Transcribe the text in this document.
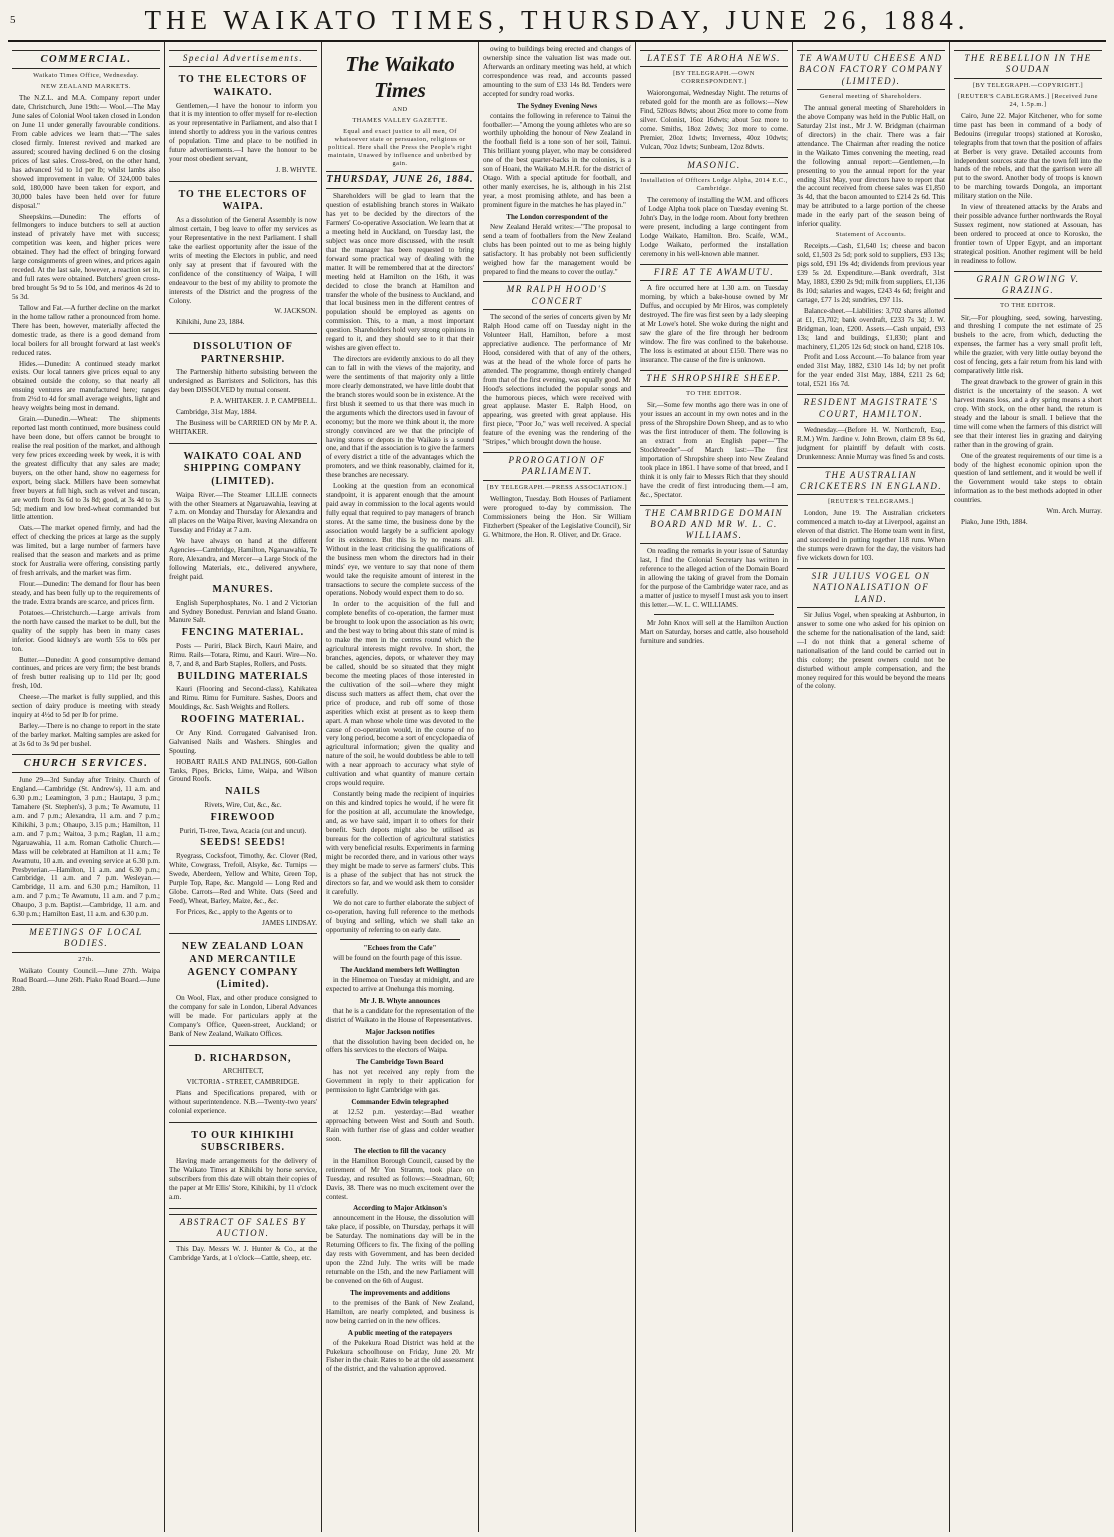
5	THE WAIKATO TIMES, THURSDAY, JUNE 26, 1884.
COMMERCIAL.
Waikato Times Office, Wednesday.
NEW ZEALAND MARKETS.

The N.Z.L. and M.A. Company report under date, Christchurch, June 19th:— Wool.—The May June sales of Colonial Wool taken closed in London on June 11 under generally favourable conditions. From cable advices we learn that:—"The sales closed firmly. Interest revived and marked are assured; scoured having declined 6 on the closing prices of last sales. Cross-bred, on the other hand, has advanced ½d to 1d per lb; whilst lambs also showed improvement in value. Of 324,000 bales sold, 180,000 have been taken for export, and 30,000 bales have been held over for future disposal."

Sheepskins.—Dunedin: The efforts of fellmongers to induce butchers to sell at auction instead of privately have met with success; competition was keen, and higher prices were obtained. They had the effect of bringing forward large consignments of green wines, and prices again receded. At the last sale, however, a reaction set in, and full rates were obtained. Butchers' green cross-bred brought 5s 9d to 5s 10d, and merinos 4s 2d to 5s 3d.

Tallow and Fat.—A further decline on the market in the home tallow rather a pronounced from home. There has been, however, materially affected the domestic trade, as there is a good demand from local boilers for all brought forward at last week's reduced rates.

Hides.—Dunedin: A continued steady market exists. Our local tanners give prices equal to any obtained outside the colony, so that nearly all ensuing ventures are manufactured here; ranges from 2½d to 4d for small average weights, light and heavy weights being most in demand.

Grain.—Dunedin.—Wheat: The shipments reported last month continued, more business could have been done, but offers cannot be brought to realise the real position of the market, and although very few prices exceeding week by week, it is with the greatest difficulty that any sales are made; buyers, on the other hand, show no eagerness for export, being slack. Millers have been somewhat freer buyers at full high, such as velvet and tuscan, are worth from 3s 6d to 3s 8d; good, at 3s 4d to 3s 5d; medium and low bred-wheat commanded but little attention.

Oats.—The market opened firmly, and had the effect of checking the prices at large as the supply was limited, but a large number of farmers have realised that the season and markets and as prime stock for Australia were offering, consisting partly of fresh arrivals, and the market was firm.

Flour.—Dunedin: The demand for flour has been steady, and has been fully up to the requirements of the trade. Extra brands are scarce, and prices firm.

Potatoes.—Christchurch.—Large arrivals from the north have caused the market to be dull, but the quality of the supply has been in many cases inferior. Good kidney's are worth 55s to 60s per ton.

Butter.—Dunedin: A good consumptive demand continues, and prices are very firm; the best brands of fresh butter realising up to 11d per lb; good fresh, 10d.

Cheese.—The market is fully supplied, and this section of dairy produce is meeting with steady inquiry at 4½d to 5d per lb for prime.

Barley.—There is no change to report in the state of the barley market. Malting samples are asked for at 3s 6d to 3s 9d per bushel.

CHURCH SERVICES.

June 29—3rd Sunday after Trinity. Church of England.—Cambridge (St. Andrew's), 11 a.m. and 6.30 p.m.; Leamington, 3 p.m.; Hautapu, 3 p.m.; Tamahere (St. Stephen's), 3 p.m.; Te Awamutu, 11 a.m. and 7 p.m.; Alexandra, 11 a.m. and 7 p.m.; Kihikihi, 3 p.m.; Ohaupo, 3.15 p.m.; Hamilton, 11 a.m. and 7 p.m.; Waitoa, 3 p.m.; Raglan, 11 a.m.; Ngaruawahia, 11 a.m. Roman Catholic Church.—Mass will be celebrated at Hamilton at 11 a.m.; Te Awamutu, 10 a.m. and evening service at 6.30 p.m. Presbyterian.—Hamilton, 11 a.m. and 6.30 p.m.; Cambridge, 11 a.m. and 7 p.m. Wesleyan.—Cambridge, 11 a.m. and 6.30 p.m.; Hamilton, 11 a.m. and 7 p.m.; Te Awamutu, 11 a.m. and 7 p.m.; Ohaupo, 3 p.m. Baptist.—Cambridge, 11 a.m. and 6.30 p.m.; Hamilton East, 11 a.m. and 6.30 p.m.

MEETINGS OF LOCAL BODIES.
27th.

Waikato County Council.—June 27th. Waipa Road Board.—June 26th. Piako Road Board.—June 28th.

Special Advertisements.

TO THE ELECTORS OF WAIKATO.

Gentlemen,—I have the honour to inform you that it is my intention to offer myself for re-election as your representative in Parliament, and also that I intend shortly to address you in the various centres of population. Time and place to be notified in future advertisements.—I have the honour to be your most obedient servant,

J. B. WHYTE.

TO THE ELECTORS OF WAIPA.

As a dissolution of the General Assembly is now almost certain, I beg leave to offer my services as your Representative in the next Parliament. I shall take the earliest opportunity after the issue of the writs of meeting the Electors in public, and need only say at present that if favoured with the confidence of the constituency of Waipa, I will endeavour to the best of my ability to promote the interests of the District and the progress of the Colony.

W. JACKSON.

Kihikihi, June 23, 1884.

DISSOLUTION OF PARTNERSHIP.

The Partnership hitherto subsisting between the undersigned as Barristers and Solicitors, has this day been DISSOLVED by mutual consent.

P. A. WHITAKER. J. P. CAMPBELL.

Cambridge, 31st May, 1884.

The Business will be CARRIED ON by Mr P. A. WHITAKER.

WAIKATO COAL AND SHIPPING COMPANY (LIMITED).

Waipa River.—The Steamer LILLIE connects with the other Steamers at Ngaruawahia, leaving at 7 a.m. on Monday and Thursday for Alexandra and all places on the Waipa River, leaving Alexandra on Tuesday and Friday at 7 a.m.

We have always on hand at the different Agencies—Cambridge, Hamilton, Ngaruawahia, Te Rore, Alexandra, and Mercer—a Large Stock of the following Materials, etc., delivered anywhere, freight paid.

MANURES.

English Superphosphates, No. 1 and 2 Victorian and Sydney Bonedust. Peruvian and Island Guano. Manure Salt.

FENCING MATERIAL.

Posts — Puriri, Black Birch, Kauri Maire, and Rimu. Rails—Totara, Rimu, and Kauri. Wire—No. 8, 7, and 8, and Barb Staples, Rollers, and Posts.

BUILDING MATERIALS

Kauri (Flooring and Second-class), Kahikatea and Rimu. Rimu for Furniture. Sashes, Doors and Mouldings, &c. Sash Weights and Rollers.

ROOFING MATERIAL.

Or Any Kind. Corrugated Galvanised Iron. Galvanised Nails and Washers. Shingles and Spouting.

HOBART RAILS AND PALINGS, 600-Gallon Tanks, Pipes, Bricks, Lime, Waipa, and Wilson Ground Roofs.

NAILS

Rivets, Wire, Cut, &c., &c.

FIREWOOD

Puriri, Ti-tree, Tawa, Acacia (cut and uncut).

SEEDS! SEEDS!

Ryegrass, Cocksfoot, Timothy, &c. Clover (Red, White, Cowgrass, Trefoil, Alsyke, &c. Turnips — Swede, Aberdeen, Yellow and White, Green Top, Purple Top, Rape, &c. Mangold — Long Red and Globe. Carrots—Red and White. Oats (Seed and Feed), Wheat, Barley, Maize, &c., &c.

For Prices, &c., apply to the Agents or to

JAMES LINDSAY.

NEW ZEALAND LOAN AND MERCANTILE AGENCY COMPANY (Limited).

On Wool, Flax, and other produce consigned to the company for sale in London, Liberal Advances will be made. For particulars apply at the Company's Office, Queen-street, Auckland; or Bank of New Zealand, Waikato Offices.

D. RICHARDSON,

ARCHITECT,

VICTORIA - STREET, CAMBRIDGE.

Plans and Specifications prepared, with or without superintendence. N.B.—Twenty-two years' colonial experience.

TO OUR KIHIKIHI SUBSCRIBERS.

Having made arrangements for the delivery of The Waikato Times at Kihikihi by horse service, subscribers from this date will obtain their copies of the paper at Mr Ellis' Store, Kihikihi, by 11 o'clock a.m.

ABSTRACT OF SALES BY AUCTION.

This Day. Messrs W. J. Hunter & Co., at the Cambridge Yards, at 1 o'clock—Cattle, sheep, etc.

The Waikato Times
AND
THAMES VALLEY GAZETTE.
Equal and exact justice to all men, Of whatsoever state or persuasion, religious or political. Here shall the Press the People's right maintain, Unawed by influence and unbribed by gain.
THURSDAY, JUNE 26, 1884.

Shareholders will be glad to learn that the question of establishing branch stores in Waikato has yet to be decided by the directors of the Farmers' Co-operative Association. We learn that at a meeting held in Auckland, on Tuesday last, the subject was once more discussed, with the result that the manager has been requested to bring forward some practical way of dealing with the matter. It will be remembered that at the directors' meeting held at Hamilton on the 16th, it was decided to close the branch at Hamilton and transfer the whole of the business to Auckland, and that local business men in the different centres of population should be employed as agents on commission. This, to a man, a most important question. Shareholders hold very strong opinions in regard to it, and they should see to it that their wishes are given effect to.

The directors are evidently anxious to do all they can to fall in with the views of the majority, and were the sentiments of that majority only a little more clearly demonstrated, we have little doubt that the branch stores would soon be in existence. At the first blush it seemed to us that there was much in the arguments which the directors used in favour of economy; but the more we think about it, the more strongly convinced are we that the principle of having stores or depots in the Waikato is a sound one, and that if the association is to give the farmers of every district a title of the advantages which the promoters, and we think reasonably, claimed for it, these branches are necessary.

Looking at the question from an economical standpoint, it is apparent enough that the amount paid away in commission to the local agents would fully equal that required to pay managers of branch stores. At the same time, the business done by the association would largely be a sufficient apology for its existence. But this is by no means all. Without in the least criticising the qualifications of the business men whom the directors had in their minds' eye, we venture to say that none of them would take the requisite amount of interest in the transactions to secure the complete success of the operations. Nobody would expect them to do so.

In order to the acquisition of the full and complete benefits of co-operation, the farmer must be brought to look upon the association as his own; and the best way to bring about this state of mind is to make the men in the centres round which the agricultural interests might revolve. In short, the branches, agencies, depots, or whatever they may be called, should be so situated that they might become the meeting places of those interested in the cultivation of the soil—where they might discuss such matters as affect them, chat over the price of produce, and rub off some of those asperities which exist at present as to keep them apart. A man whose whole time was devoted to the cause of co-operation would, in the course of no very long period, become a sort of encyclopaedia of agricultural information; given the quality and nature of the soil, he would doubtless be able to tell with a near approach to accuracy what style of cultivation and what quantity of manure certain crops would require.

Constantly being made the recipient of inquiries on this and kindred topics he would, if he were fit for the position at all, accumulate the knowledge, and, as we have said, impart it to others for their benefit. Such depots might also be utilised as bureaus for the collection of agricultural statistics with very beneficial results. Experiments in farming might be recorded there, and in various other ways they might be made to serve as farmers' clubs. This is a phase of the subject that has not struck the directors so far, and we would ask them to consider it carefully.

We do not care to further elaborate the subject of co-operation, having full reference to the methods of buying and selling, which we shall take an opportunity of referring to on early date.

"Echoes from the Cafe"

will be found on the fourth page of this issue.

The Auckland members left Wellington

in the Hinemoa on Tuesday at midnight, and are expected to arrive at Onehunga this morning.

Mr J. B. Whyte announces

that he is a candidate for the representation of the district of Waikato in the House of Representatives.

Major Jackson notifies

that the dissolution having been decided on, he offers his services to the electors of Waipa.

The Cambridge Town Board

has not yet received any reply from the Government in reply to their application for permission to light Cambridge with gas.

Commander Edwin telegraphed

at 12.52 p.m. yesterday:—Bad weather approaching between West and South and South. Rain with further rise of glass and colder weather soon.

The election to fill the vacancy

in the Hamilton Borough Council, caused by the retirement of Mr Yon Stramm, took place on Tuesday, and resulted as follows:—Steadman, 60; Davis, 38. There was no much excitement over the contest.

According to Major Atkinson's

announcement in the House, the dissolution will take place, if possible, on Thursday, perhaps it will be Saturday. The nominations day will be in the Returning Officers to fix. The fixing of the polling day rests with Government, and has been decided upon the 22nd July. The writs will be made returnable on the 15th, and the new Parliament will be convened on the 6th of August.

The improvements and additions

to the premises of the Bank of New Zealand, Hamilton, are nearly completed, and business is now being carried on in the new offices.

A public meeting of the ratepayers

of the Pukekura Road District was held at the Pukekura schoolhouse on Friday, June 20. Mr Fisher in the chair. Rates to be at the old assessment of the district, and the valuation approved.

owing to buildings being erected and changes of ownership since the valuation list was made out. Afterwards an ordinary meeting was held, at which correspondence was read, and accounts passed amounting to the sum of £33 14s 8d. Tenders were accepted for sundry road works.

The Sydney Evening News

contains the following in reference to Tainui the footballer:—"Among the young athletes who are so worthily upholding the honour of New Zealand in the football field is a tone son of her soil, Tainui. This brilliant young player, who may be considered one of the best quarter-backs in the colonies, is a son of Hoani, the Waikato M.H.R. for the district of Otago. With a special aptitude for football, and other manly exercises, he is, although in his 21st year, a most promising athlete, and has been a prominent figure in the matches he has played in."

The London correspondent of the

New Zealand Herald writes:—"The proposal to send a team of footballers from the New Zealand clubs has been pointed out to me as being highly satisfactory. It has probably not been sufficiently weighed how far the management would be prepared to find the means to cover the outlay."

MR RALPH HOOD'S CONCERT

The second of the series of concerts given by Mr Ralph Hood came off on Tuesday night in the Volunteer Hall, Hamilton, before a most appreciative audience. The performance of Mr Hood, considered with that of any of the others, was at the head of the whole force of parts he attended. The programme, though entirely changed from that of the first evening, was equally good. Mr Hood's selections included the popular songs and the humorous pieces, which were received with great applause. Master E. Ralph Hood, on appearing, was greeted with great applause. His first piece, "Poor Jo," was well received. A special feature of the evening was the rendering of the "Stripes," which brought down the house.

PROROGATION OF PARLIAMENT.
[BY TELEGRAPH.—PRESS ASSOCIATION.]

Wellington, Tuesday. Both Houses of Parliament were prorogued to-day by commission. The Commissioners being the Hon. Sir William Fitzherbert (Speaker of the Legislative Council), Sir G. Whitmore, the Hon. R. Oliver, and Dr. Grace.

LATEST TE AROHA NEWS.
[BY TELEGRAPH.—OWN CORRESPONDENT.]

Waiorongomai, Wednesday Night. The returns of rebated gold for the month are as follows:—New Find, 520ozs 8dwts; about 26oz more to come from silver. Colonist, 16oz 16dwts; about 5oz more to come. Smiths, 18oz 2dwts; 3oz more to come. Premier, 20oz 1dwts; Inverness, 40oz 10dwts; Vulcan, 70oz 1dwts; Sunbeam, 12oz 8dwts.

MASONIC.
Installation of Officers Lodge Alpha, 2014 E.C., Cambridge.

The ceremony of installing the W.M. and officers of Lodge Alpha took place on Tuesday evening St. John's Day, in the lodge room. About forty brethren were present, including a large contingent from Lodge Waikato, Hamilton. Bro. Scaife, W.M., Lodge Waikato, performed the installation ceremony in his well-known able manner.

FIRE AT TE AWAMUTU.

A fire occurred here at 1.30 a.m. on Tuesday morning, by which a bake-house owned by Mr Duffus, and occupied by Mr Hiros, was completely destroyed. The fire was first seen by a lady sleeping at Mr Lowe's hotel. She woke during the night and saw the glare of the fire through her bedroom window. The fire was confined to the bakehouse. The loss is estimated at about £150. There was no insurance. The cause of the fire is unknown.

THE SHROPSHIRE SHEEP.
TO THE EDITOR.

Sir,—Some few months ago there was in one of your issues an account in my own notes and in the press of the Shropshire Down Sheep, and as to who was the first introducer of them. The following is an extract from an English paper—"The Stockbreeder"—of March last:—The first importation of Shropshire sheep into New Zealand took place in 1861. I have some of that breed, and I think it is only fair to Messrs Rich that they should have the credit of first introducing them.—I am, &c., Spectator.

THE CAMBRIDGE DOMAIN BOARD AND MR W. L. C. WILLIAMS.

On reading the remarks in your issue of Saturday last, I find the Colonial Secretary has written in reference to the alleged action of the Domain Board in allowing the taking of gravel from the Domain for the purpose of the Cambridge water race, and as a matter of justice to myself I must ask you to insert this letter.—W. L. C. WILLIAMS.

Mr John Knox will sell at the Hamilton Auction Mart on Saturday, horses and cattle, also household furniture and sundries.

TE AWAMUTU CHEESE AND BACON FACTORY COMPANY (LIMITED).
General meeting of Shareholders.

The annual general meeting of Shareholders in the above Company was held in the Public Hall, on Saturday 21st inst., Mr J. W. Bridgman (chairman of directors) in the chair. There was a fair attendance. The Chairman after reading the notice in the Waikato Times convening the meeting, read the following annual report:—Gentlemen,—In presenting to you the annual report for the year ending 31st May, your directors have to report that the account received from cheese sales was £1,850 3s 4d, that the bacon amounted to £214 2s 6d. This may be attributed to a large portion of the cheese made in the early part of the season being of inferior quality.

Statement of Accounts.

Receipts.—Cash, £1,640 1s; cheese and bacon sold, £1,503 2s 5d; pork sold to suppliers, £93 13s; pigs sold, £91 19s 4d; dividends from previous year £39 5s 2d. Expenditure.—Bank overdraft, 31st May, 1883, £390 2s 9d; milk from suppliers, £1,136 8s 10d; salaries and wages, £243 4s 6d; freight and cartage, £77 1s 2d; sundries, £97 11s.

Balance-sheet.—Liabilities: 3,702 shares allotted at £1, £3,702; bank overdraft, £233 7s 3d; J. W. Bridgman, loan, £200. Assets.—Cash unpaid, £93 13s; land and buildings, £1,830; plant and machinery, £1,205 12s 6d; stock on hand, £218 10s.

Profit and Loss Account.—To balance from year ended 31st May, 1882, £310 14s 1d; by net profit for the year ended 31st May, 1884, £211 2s 6d; total, £521 16s 7d.

RESIDENT MAGISTRATE'S COURT, HAMILTON.

Wednesday.—(Before H. W. Northcroft, Esq., R.M.) Wm. Jardine v. John Brown, claim £8 9s 6d, judgment for plaintiff by default with costs. Drunkenness: Annie Murray was fined 5s and costs.

THE AUSTRALIAN CRICKETERS IN ENGLAND.
[REUTER'S TELEGRAMS.]

London, June 19. The Australian cricketers commenced a match to-day at Liverpool, against an eleven of that district. The Home team went in first, and succeeded in putting together 118 runs. When the stumps were drawn for the day, the visitors had five wickets down for 103.

SIR JULIUS VOGEL ON NATIONALISATION OF LAND.

Sir Julius Vogel, when speaking at Ashburton, in answer to some one who asked for his opinion on the scheme for the nationalisation of the land, said:—I do not think that a general scheme of nationalisation of the land could be carried out in this colony; the present owners could not be disturbed without ample compensation, and the money required for this would be beyond the means of the colony.

THE REBELLION IN THE SOUDAN
[BY TELEGRAPH.—COPYRIGHT.]
[REUTER'S CABLEGRAMS.] [Received June 24, 1.5p.m.]

Cairo, June 22. Major Kitchener, who for some time past has been in command of a body of Bedouins (irregular troops) stationed at Korosko, telegraphs from that town that the position of affairs at Berber is very grave. Detailed accounts from independent sources state that the town fell into the hands of the rebels, and that the garrison were all put to the sword. Another body of troops is known to be marching towards Dongola, an important military station on the Nile.

In view of threatened attacks by the Arabs and their possible advance further northwards the Royal Sussex regiment, now stationed at Assouan, has been ordered to proceed at once to Korosko, the frontier town of Upper Egypt, and an important strategical position. Another regiment will be held in readiness to follow.

GRAIN GROWING V. GRAZING.
TO THE EDITOR.

Sir,—For ploughing, seed, sowing, harvesting, and threshing I compute the net estimate of 25 bushels to the acre, from which, deducting the expenses, the farmer has a very small profit left, while the grazier, with very little outlay beyond the cost of fencing, gets a fair return from his land with comparatively little risk.

The great drawback to the grower of grain in this district is the uncertainty of the season. A wet harvest means loss, and a dry spring means a short crop. With stock, on the other hand, the return is steady and the labour is small. I believe that the time will come when the farmers of this district will see that their interest lies in grazing and dairying rather than in the growing of grain.

One of the greatest requirements of our time is a body of the highest economic opinion upon the question of land settlement, and it would be well if the Government would take steps to obtain information as to the best methods adopted in other countries.

Wm. Arch. Murray.

Piako, June 19th, 1884.
